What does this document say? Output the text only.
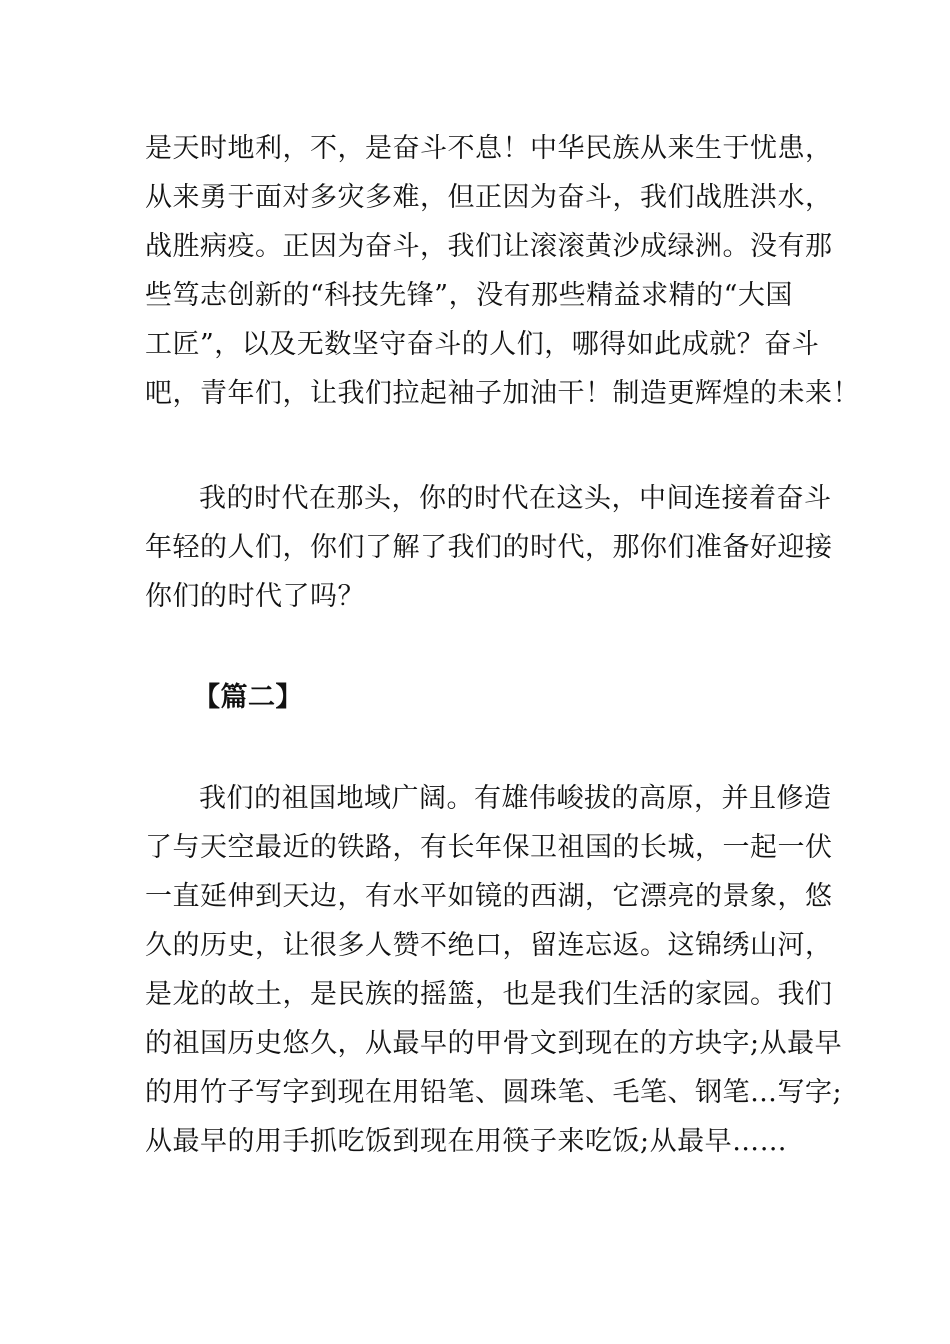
是天时地利，不，是奋斗不息！中华民族从来生于忧患，
从来勇于面对多灾多难，但正因为奋斗，我们战胜洪水，
战胜病疫。正因为奋斗，我们让滚滚黄沙成绿洲。没有那
些笃志创新的“科技先锋”，没有那些精益求精的“大国
工匠”，以及无数坚守奋斗的人们，哪得如此成就？奋斗
吧，青年们，让我们拉起袖子加油干！制造更辉煌的未来！

我的时代在那头，你的时代在这头，中间连接着奋斗
年轻的人们，你们了解了我们的时代，那你们准备好迎接
你们的时代了吗？

【篇二】

我们的祖国地域广阔。有雄伟峻拔的高原，并且修造
了与天空最近的铁路，有长年保卫祖国的长城，一起一伏
一直延伸到天边，有水平如镜的西湖，它漂亮的景象，悠
久的历史，让很多人赞不绝口，留连忘返。这锦绣山河，
是龙的故土，是民族的摇篮，也是我们生活的家园。我们
的祖国历史悠久，从最早的甲骨文到现在的方块字;从最早
的用竹子写字到现在用铅笔、圆珠笔、毛笔、钢笔…写字;
从最早的用手抓吃饭到现在用筷子来吃饭;从最早……
